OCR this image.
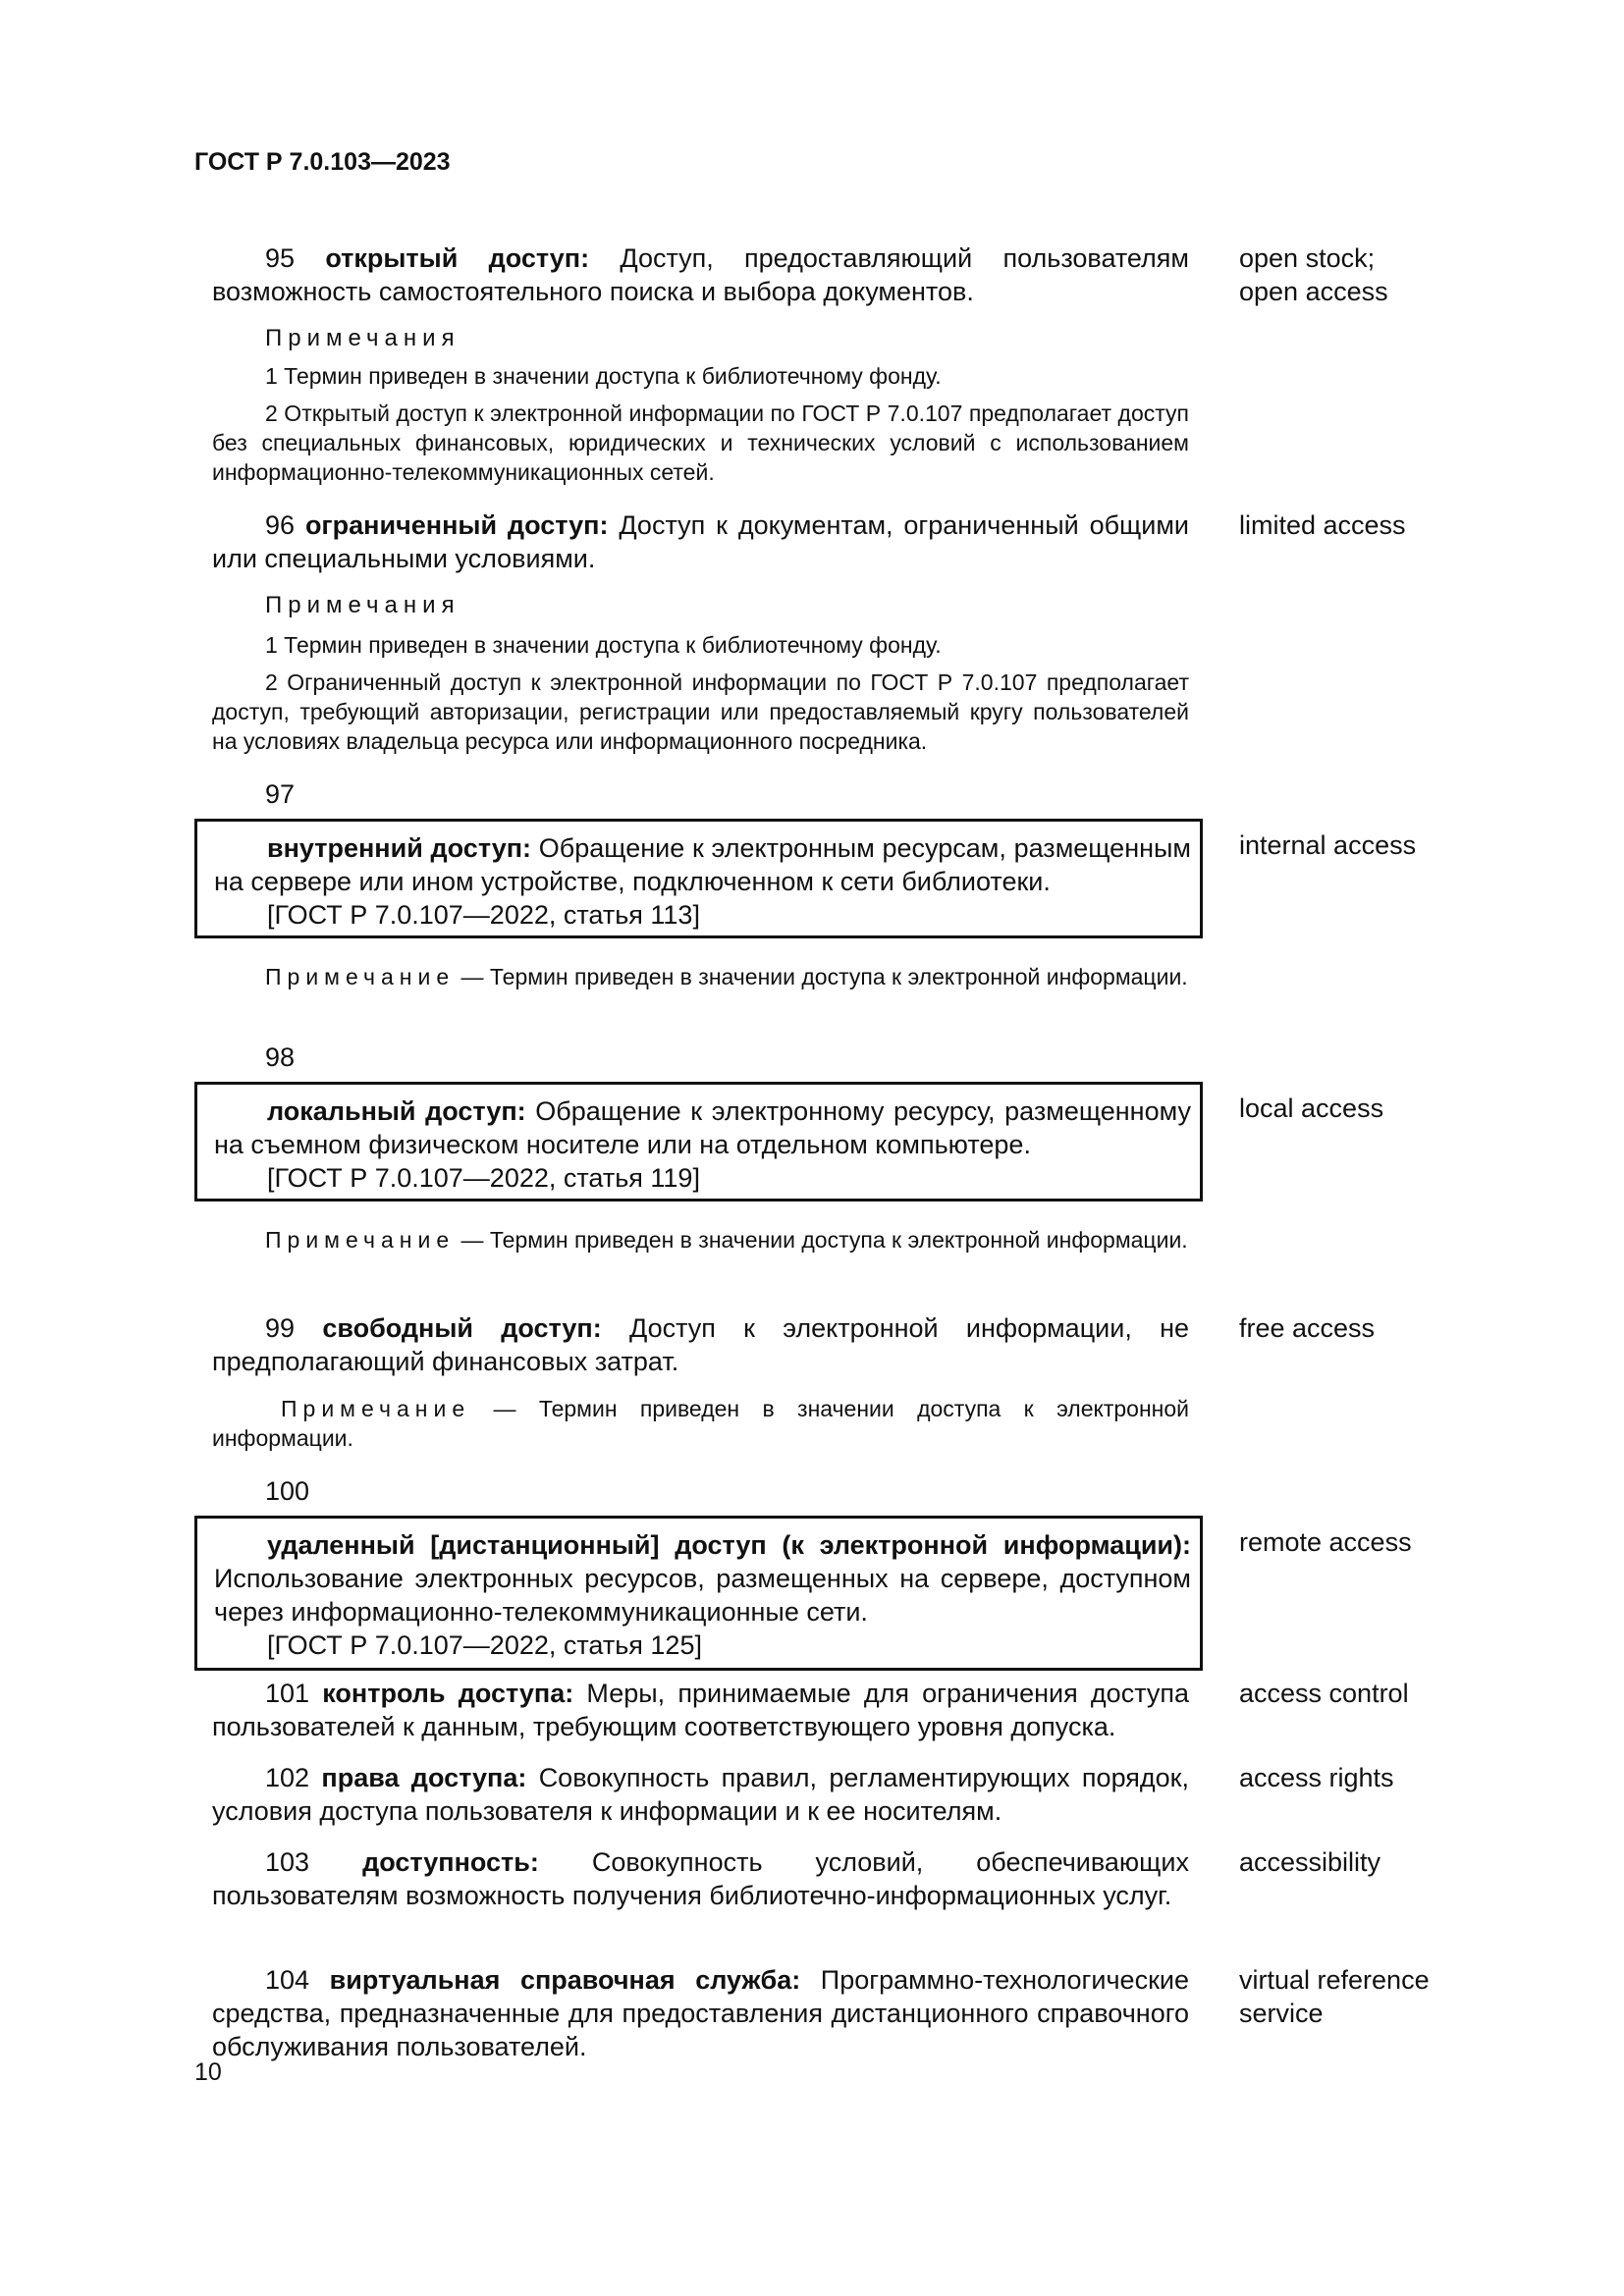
ГОСТ Р 7.0.103—2023

95 открытый доступ: Доступ, предоставляющий пользователям возможность самостоятельного поиска и выбора документов.

open stock;
open access

Примечания

1 Термин приведен в значении доступа к библиотечному фонду.

2 Открытый доступ к электронной информации по ГОСТ Р 7.0.107 предполагает доступ без специальных финансовых, юридических и технических условий с использованием информационно-телекоммуникационных сетей.

96 ограниченный доступ: Доступ к документам, ограниченный общими или специальными условиями.

limited access

Примечания

1 Термин приведен в значении доступа к библиотечному фонду.

2 Ограниченный доступ к электронной информации по ГОСТ Р 7.0.107 предполагает доступ, требующий авторизации, регистрации или предоставляемый кругу пользователей на условиях владельца ресурса или информационного посредника.

97

внутренний доступ: Обращение к электронным ресурсам, размещенным на сервере или ином устройстве, подключенном к сети библиотеки.

[ГОСТ Р 7.0.107—2022, статья 113]

internal access

Примечание — Термин приведен в значении доступа к электронной информации.

98

локальный доступ: Обращение к электронному ресурсу, размещенному на съемном физическом носителе или на отдельном компьютере.

[ГОСТ Р 7.0.107—2022, статья 119]

local access

Примечание — Термин приведен в значении доступа к электронной информации.

99 свободный доступ: Доступ к электронной информации, не предполагающий финансовых затрат.

free access

Примечание — Термин приведен в значении доступа к электронной информации.

100

удаленный [дистанционный] доступ (к электронной информации): Использование электронных ресурсов, размещенных на сервере, доступном через информационно-телекоммуникационные сети.

[ГОСТ Р 7.0.107—2022, статья 125]

remote access

101 контроль доступа: Меры, принимаемые для ограничения доступа пользователей к данным, требующим соответствующего уровня допуска.

access control

102 права доступа: Совокупность правил, регламентирующих порядок, условия доступа пользователя к информации и к ее носителям.

access rights

103 доступность: Совокупность условий, обеспечивающих пользователям возможность получения библиотечно-информационных услуг.

accessibility

104 виртуальная справочная служба: Программно-технологические средства, предназначенные для предоставления дистанционного справочного обслуживания пользователей.

virtual reference
service
10
